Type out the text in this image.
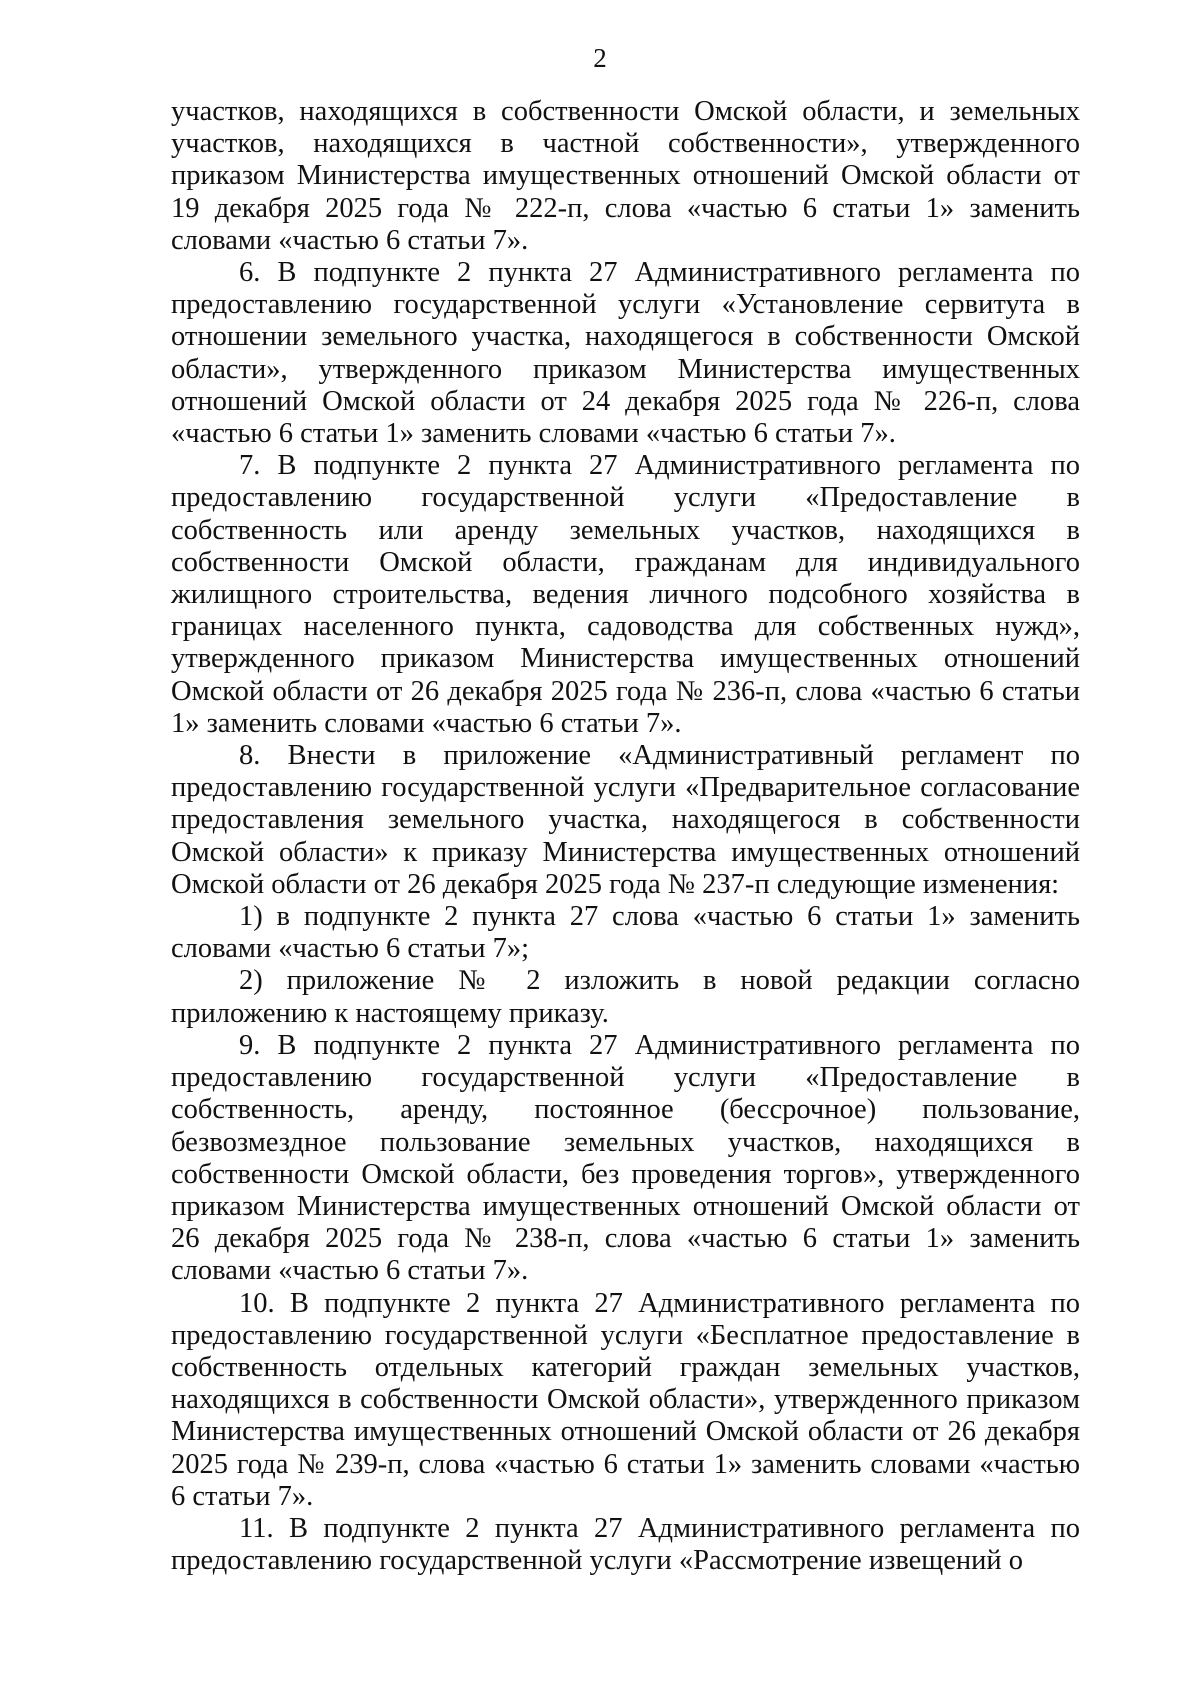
2

участков, находящихся в собственности Омской области, и земельных участков, находящихся в частной собственности», утвержденного приказом Министерства имущественных отношений Омской области от 19 декабря 2025 года № 222-п, слова «частью 6 статьи 1» заменить словами «частью 6 статьи 7».

6. В подпункте 2 пункта 27 Административного регламента по предоставлению государственной услуги «Установление сервитута в отношении земельного участка, находящегося в собственности Омской области», утвержденного приказом Министерства имущественных отношений Омской области от 24 декабря 2025 года № 226-п, слова «частью 6 статьи 1» заменить словами «частью 6 статьи 7».

7. В подпункте 2 пункта 27 Административного регламента по предоставлению государственной услуги «Предоставление в собственность или аренду земельных участков, находящихся в собственности Омской области, гражданам для индивидуального жилищного строительства, ведения личного подсобного хозяйства в границах населенного пункта, садоводства для собственных нужд», утвержденного приказом Министерства имущественных отношений Омской области от 26 декабря 2025 года № 236-п, слова «частью 6 статьи 1» заменить словами «частью 6 статьи 7».

8. Внести в приложение «Административный регламент по предоставлению государственной услуги «Предварительное согласование предоставления земельного участка, находящегося в собственности Омской области» к приказу Министерства имущественных отношений Омской области от 26 декабря 2025 года № 237-п следующие изменения:

1) в подпункте 2 пункта 27 слова «частью 6 статьи 1» заменить словами «частью 6 статьи 7»;

2) приложение № 2 изложить в новой редакции согласно приложению к настоящему приказу.

9. В подпункте 2 пункта 27 Административного регламента по предоставлению государственной услуги «Предоставление в собственность, аренду, постоянное (бессрочное) пользование, безвозмездное пользование земельных участков, находящихся в собственности Омской области, без проведения торгов», утвержденного приказом Министерства имущественных отношений Омской области от 26 декабря 2025 года № 238-п, слова «частью 6 статьи 1» заменить словами «частью 6 статьи 7».

10. В подпункте 2 пункта 27 Административного регламента по предоставлению государственной услуги «Бесплатное предоставление в собственность отдельных категорий граждан земельных участков, находящихся в собственности Омской области», утвержденного приказом Министерства имущественных отношений Омской области от 26 декабря 2025 года № 239-п, слова «частью 6 статьи 1» заменить словами «частью 6 статьи 7».

11. В подпункте 2 пункта 27 Административного регламента по предоставлению государственной услуги «Рассмотрение извещений о
